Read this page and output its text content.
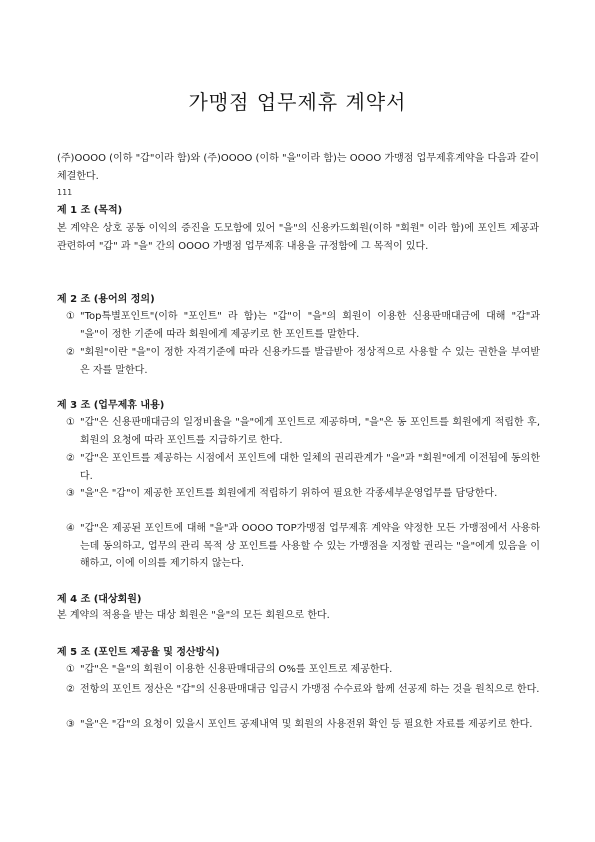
가맹점 업무제휴 계약서
(주)OOOO (이하 "갑"이라 함)와 (주)OOOO (이하 "을"이라 함)는 OOOO 가맹점 업무제휴계약을 다음과 같이 체결한다.
111
제 1 조 (목적)
본 계약은 상호 공동 이익의 증진을 도모함에 있어 "을"의 신용카드회원(이하 "회원" 이라 함)에 포인트 제공과 관련하여 "갑" 과 "을" 간의 OOOO 가맹점 업무제휴 내용을 규정함에 그 목적이 있다.
제 2 조 (용어의 정의)
① "Top특별포인트"(이하 "포인트" 라 함)는 "갑"이 "을"의 회원이 이용한 신용판매대금에 대해 "갑"과 "을"이 정한 기준에 따라 회원에게 제공키로 한 포인트를 말한다.
② "회원"이란 "을"이 정한 자격기준에 따라 신용카드를 발급받아 정상적으로 사용할 수 있는 권한을 부여받은 자를 말한다.
제 3 조 (업무제휴 내용)
① "갑"은 신용판매대금의 일정비율을 "을"에게 포인트로 제공하며, "을"은 동 포인트를 회원에게 적립한 후, 회원의 요청에 따라 포인트를 지급하기로 한다.
② "갑"은 포인트를 제공하는 시점에서 포인트에 대한 일체의 권리관계가 "을"과 "회원"에게 이전됨에 동의한다.
③ "을"은 "갑"이 제공한 포인트를 회원에게 적립하기 위하여 필요한 각종세부운영업무를 담당한다.
④ "갑"은 제공된 포인트에 대해 "을"과 OOOO TOP가맹점 업무제휴 계약을 약정한 모든 가맹점에서 사용하는데 동의하고, 업무의 관리 목적 상 포인트를 사용할 수 있는 가맹점을 지정할 권리는 "을"에게 있음을 이해하고, 이에 이의를 제기하지 않는다.
제 4 조 (대상회원)
본 계약의 적용을 받는 대상 회원은 "을"의 모든 회원으로 한다.
제 5 조 (포인트 제공율 및 정산방식)
① "갑"은 "을"의 회원이 이용한 신용판매대금의 O%를 포인트로 제공한다.
② 전항의 포인트 정산은 "갑"의 신용판매대금 입금시 가맹점 수수료와 함께 선공제 하는 것을 원칙으로 한다.
③ "을"은 "갑"의 요청이 있을시 포인트 공제내역 및 회원의 사용전위 확인 등 필요한 자료를 제공키로 한다.
